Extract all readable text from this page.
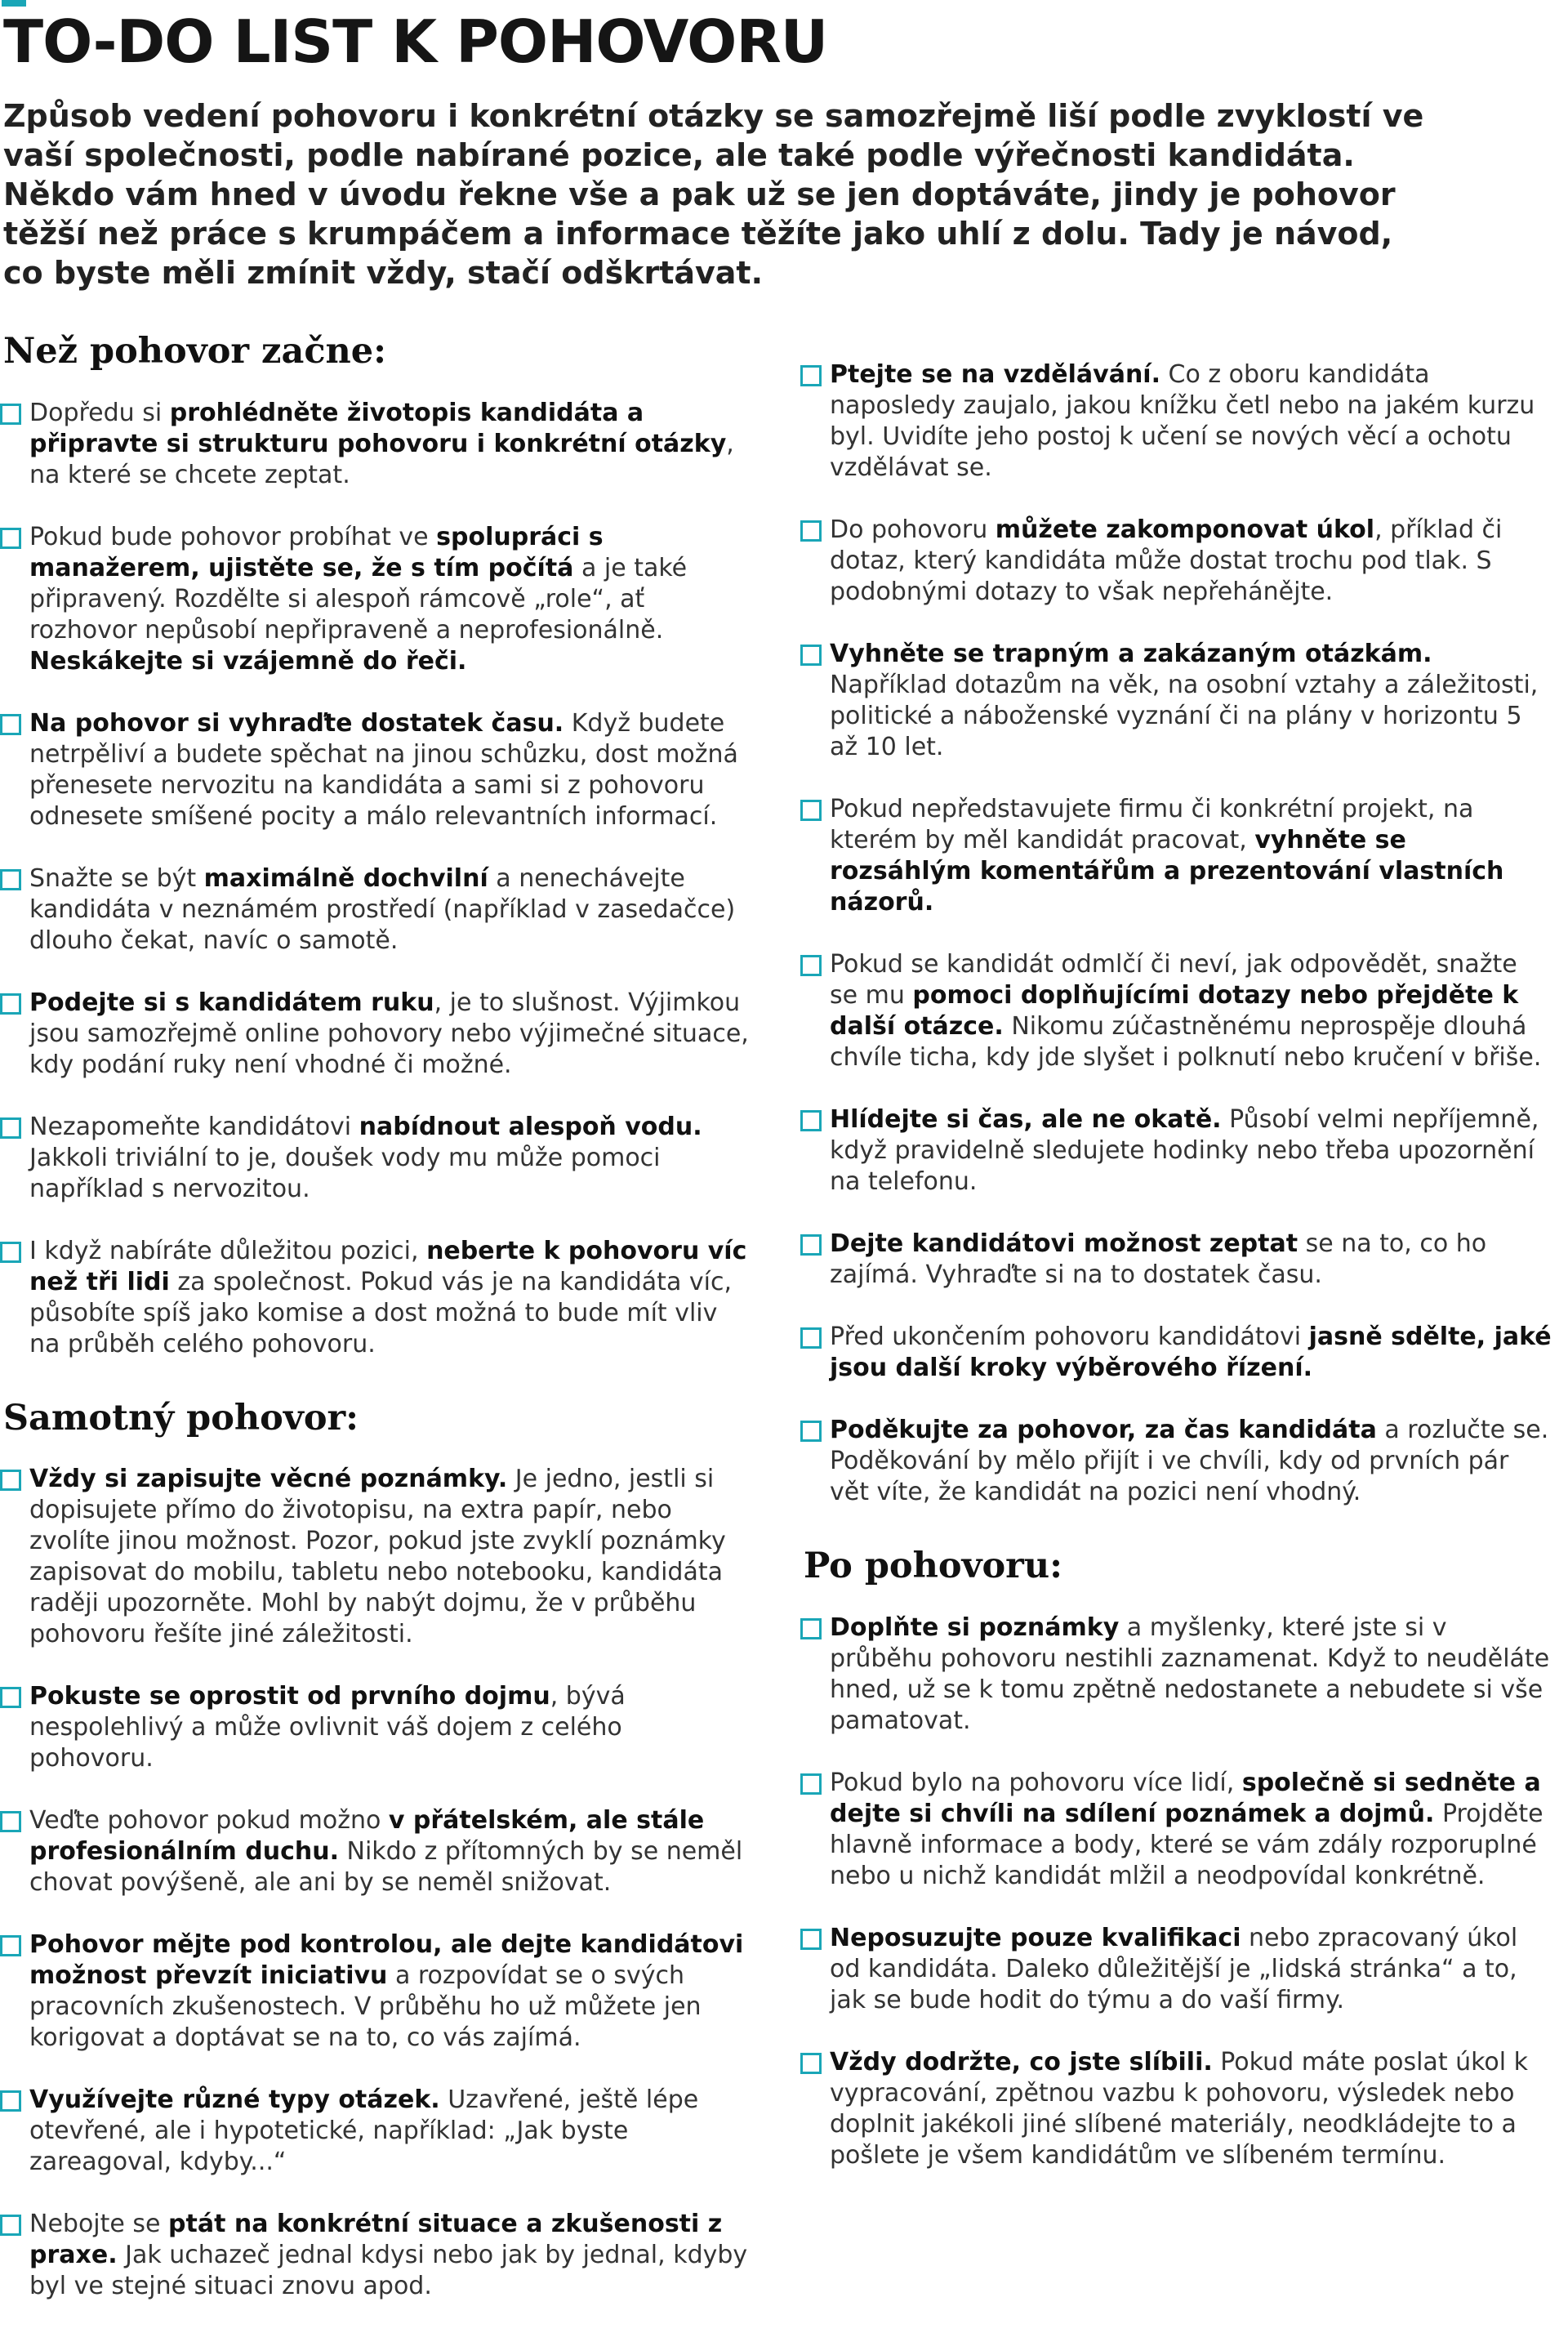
TO-DO LIST K POHOVORU

Způsob vedení pohovoru i konkrétní otázky se samozřejmě liší podle zvyklostí ve vaší společnosti, podle nabírané pozice, ale také podle výřečnosti kandidáta. Někdo vám hned v úvodu řekne vše a pak už se jen doptáváte, jindy je pohovor těžší než práce s krumpáčem a informace těžíte jako uhlí z dolu. Tady je návod, co byste měli zmínit vždy, stačí odškrtávat.

Než pohovor začne:
Dopředu si prohlédněte životopis kandidáta a připravte si strukturu pohovoru i konkrétní otázky, na které se chcete zeptat.
Pokud bude pohovor probíhat ve spolupráci s manažerem, ujistěte se, že s tím počítá a je také připravený. Rozdělte si alespoň rámcově „role“, ať rozhovor nepůsobí nepřipraveně a neprofesionálně. Neskákejte si vzájemně do řeči.
Na pohovor si vyhraďte dostatek času. Když budete netrpěliví a budete spěchat na jinou schůzku, dost možná přenesete nervozitu na kandidáta a sami si z pohovoru odnesete smíšené pocity a málo relevantních informací.
Snažte se být maximálně dochvilní a nenechávejte kandidáta v neznámém prostředí (například v zasedačce) dlouho čekat, navíc o samotě.
Podejte si s kandidátem ruku, je to slušnost. Výjimkou jsou samozřejmě online pohovory nebo výjimečné situace, kdy podání ruky není vhodné či možné.
Nezapomeňte kandidátovi nabídnout alespoň vodu. Jakkoli triviální to je, doušek vody mu může pomoci například s nervozitou.
I když nabíráte důležitou pozici, neberte k pohovoru víc než tři lidi za společnost. Pokud vás je na kandidáta víc, působíte spíš jako komise a dost možná to bude mít vliv na průběh celého pohovoru.
Samotný pohovor:
Vždy si zapisujte věcné poznámky. Je jedno, jestli si dopisujete přímo do životopisu, na extra papír, nebo zvolíte jinou možnost. Pozor, pokud jste zvyklí poznámky zapisovat do mobilu, tabletu nebo notebooku, kandidáta raději upozorněte. Mohl by nabýt dojmu, že v průběhu pohovoru řešíte jiné záležitosti.
Pokuste se oprostit od prvního dojmu, bývá nespolehlivý a může ovlivnit váš dojem z celého pohovoru.
Veďte pohovor pokud možno v přátelském, ale stále profesionálním duchu. Nikdo z přítomných by se neměl chovat povýšeně, ale ani by se neměl snižovat.
Pohovor mějte pod kontrolou, ale dejte kandidátovi možnost převzít iniciativu a rozpovídat se o svých pracovních zkušenostech. V průběhu ho už můžete jen korigovat a doptávat se na to, co vás zajímá.
Využívejte různé typy otázek. Uzavřené, ještě lépe otevřené, ale i hypotetické, například: „Jak byste zareagoval, kdyby...“
Nebojte se ptát na konkrétní situace a zkušenosti z praxe. Jak uchazeč jednal kdysi nebo jak by jednal, kdyby byl ve stejné situaci znovu apod.
Ptejte se na vzdělávání. Co z oboru kandidáta naposledy zaujalo, jakou knížku četl nebo na jakém kurzu byl. Uvidíte jeho postoj k učení se nových věcí a ochotu vzdělávat se.
Do pohovoru můžete zakomponovat úkol, příklad či dotaz, který kandidáta může dostat trochu pod tlak. S podobnými dotazy to však nepřehánějte.
Vyhněte se trapným a zakázaným otázkám. Například dotazům na věk, na osobní vztahy a záležitosti, politické a náboženské vyznání či na plány v horizontu 5 až 10 let.
Pokud nepředstavujete firmu či konkrétní projekt, na kterém by měl kandidát pracovat, vyhněte se rozsáhlým komentářům a prezentování vlastních názorů.
Pokud se kandidát odmlčí či neví, jak odpovědět, snažte se mu pomoci doplňujícími dotazy nebo přejděte k další otázce. Nikomu zúčastněnému neprospěje dlouhá chvíle ticha, kdy jde slyšet i polknutí nebo kručení v břiše.
Hlídejte si čas, ale ne okatě. Působí velmi nepříjemně, když pravidelně sledujete hodinky nebo třeba upozornění na telefonu.
Dejte kandidátovi možnost zeptat se na to, co ho zajímá. Vyhraďte si na to dostatek času.
Před ukončením pohovoru kandidátovi jasně sdělte, jaké jsou další kroky výběrového řízení.
Poděkujte za pohovor, za čas kandidáta a rozlučte se. Poděkování by mělo přijít i ve chvíli, kdy od prvních pár vět víte, že kandidát na pozici není vhodný.
Po pohovoru:
Doplňte si poznámky a myšlenky, které jste si v průběhu pohovoru nestihli zaznamenat. Když to neuděláte hned, už se k tomu zpětně nedostanete a nebudete si vše pamatovat.
Pokud bylo na pohovoru více lidí, společně si sedněte a dejte si chvíli na sdílení poznámek a dojmů. Projděte hlavně informace a body, které se vám zdály rozporuplné nebo u nichž kandidát mlžil a neodpovídal konkrétně.
Neposuzujte pouze kvalifikaci nebo zpracovaný úkol od kandidáta. Daleko důležitější je „lidská stránka“ a to, jak se bude hodit do týmu a do vaší firmy.
Vždy dodržte, co jste slíbili. Pokud máte poslat úkol k vypracování, zpětnou vazbu k pohovoru, výsledek nebo doplnit jakékoli jiné slíbené materiály, neodkládejte to a pošlete je všem kandidátům ve slíbeném termínu.
